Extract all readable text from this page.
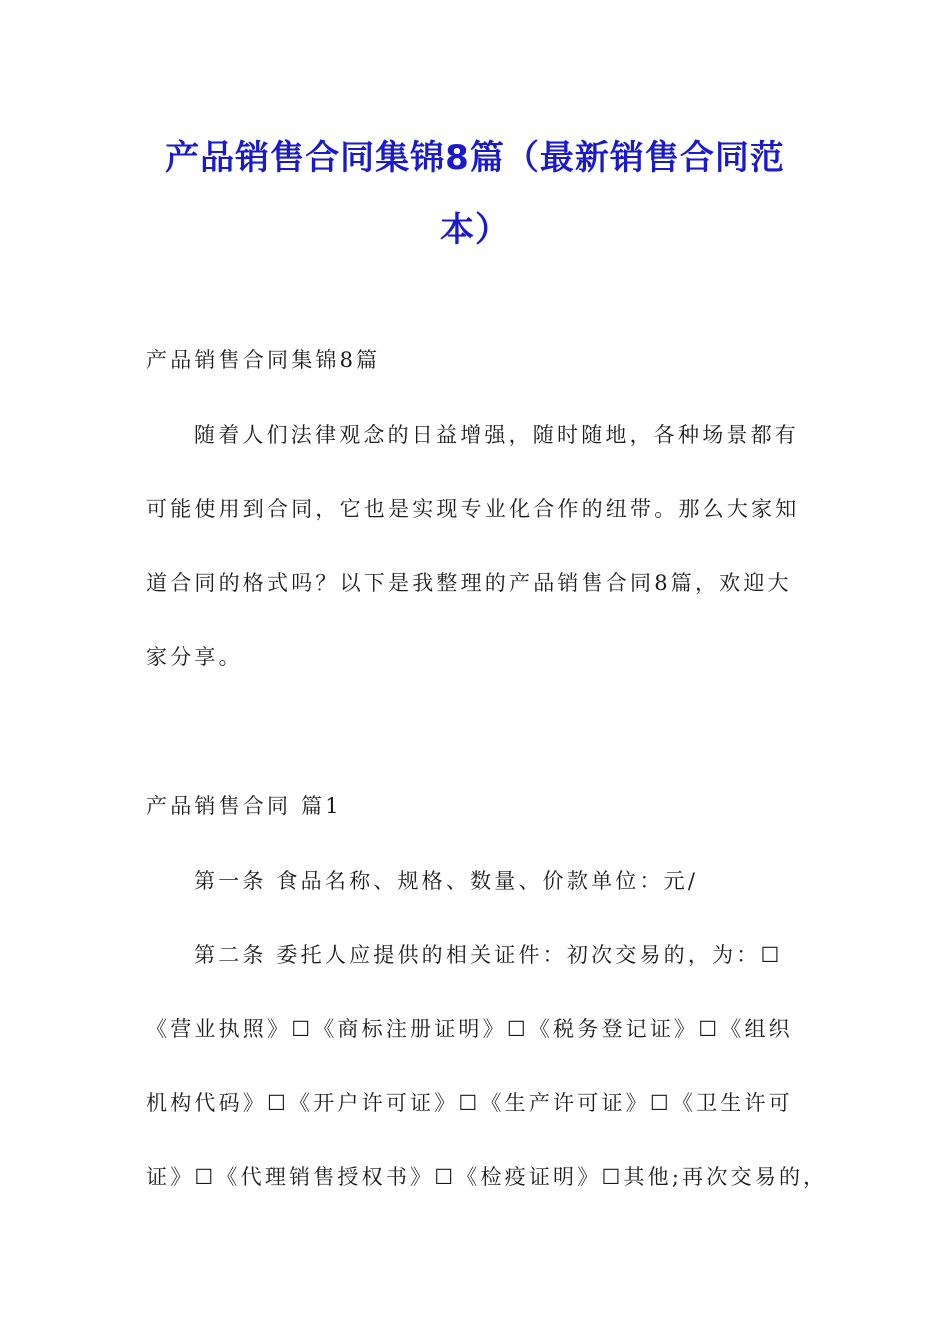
产品销售合同集锦8篇（最新销售合同范
本）

产品销售合同集锦8篇

随着人们法律观念的日益增强，随时随地，各种场景都有

可能使用到合同，它也是实现专业化合作的纽带。那么大家知

道合同的格式吗？以下是我整理的产品销售合同8篇，欢迎大

家分享。

产品销售合同 篇1

第一条 食品名称、规格、数量、价款单位：元/

第二条 委托人应提供的相关证件：初次交易的，为：☐

《营业执照》☐《商标注册证明》☐《税务登记证》☐《组织

机构代码》☐《开户许可证》☐《生产许可证》☐《卫生许可

证》☐《代理销售授权书》☐《检疫证明》☐其他;再次交易的，
